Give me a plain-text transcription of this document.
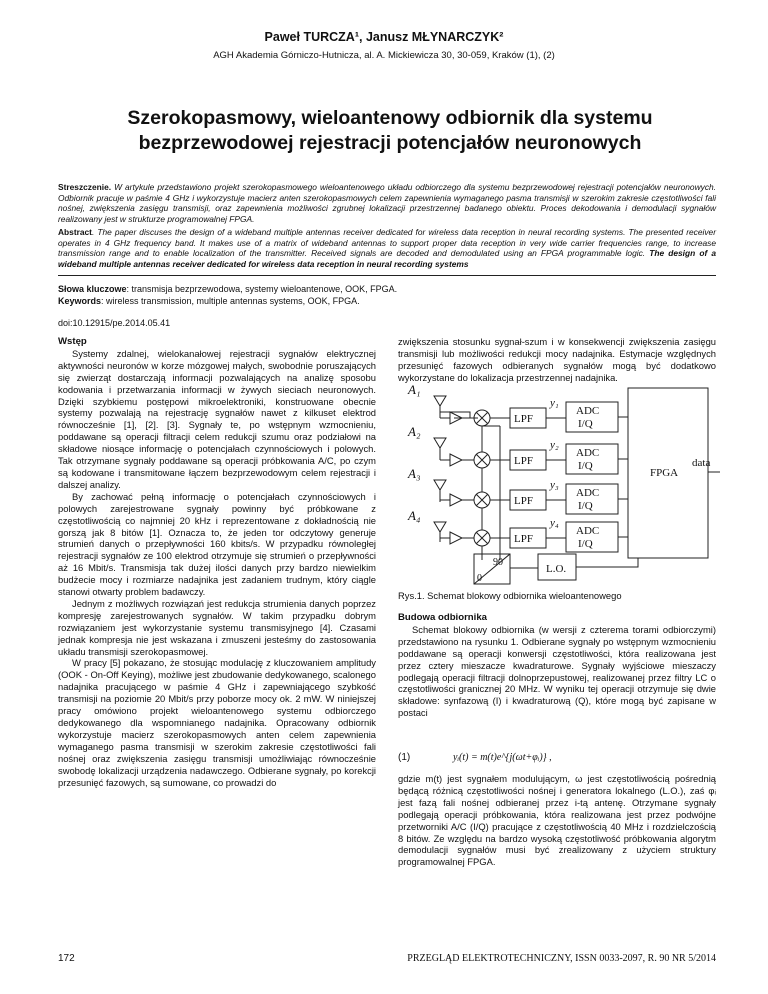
Paweł TURCZA¹, Janusz MŁYNARCZYK²
AGH Akademia Górniczo-Hutnicza, al. A. Mickiewicza 30, 30-059, Kraków (1), (2)
Szerokopasmowy, wieloantenowy odbiornik dla systemu
bezprzewodowej rejestracji potencjałów neuronowych
Streszczenie. W artykule przedstawiono projekt szerokopasmowego wieloantenowego układu odbiorczego dla systemu bezprzewodowej rejestracji potencjałów neuronowych. Odbiornik pracuje w paśmie 4 GHz i wykorzystuje macierz anten szerokopasmowych celem zapewnienia wymaganego pasma transmisji w szerokim zakresie częstotliwości fali nośnej, zwiększenia zasięgu transmisji, oraz zapewnienia możliwości zgrubnej lokalizacji przestrzennej badanego obiektu. Proces dekodowania i demodulacji sygnałów realizowany jest w strukturze programowalnej FPGA.
Abstract. The paper discuses the design of a wideband multiple antennas receiver dedicated for wireless data reception in neural recording systems. The presented receiver operates in 4 GHz frequency band. It makes use of a matrix of wideband antennas to support proper data reception in very wide carrier frequencies range, to increase transmission range and to enable localization of the transmitter. Received signals are decoded and demodulated using an FPGA programmable logic. The design of a wideband multiple antennas receiver dedicated for wireless data reception in neural recording systems
Słowa kluczowe: transmisja bezprzewodowa, systemy wieloantenowe, OOK, FPGA.
Keywords: wireless transmission, multiple antennas systems, OOK, FPGA.
doi:10.12915/pe.2014.05.41
Wstęp

Systemy zdalnej, wielokanałowej rejestracji sygnałów elektrycznej aktywności neuronów w korze mózgowej małych, swobodnie poruszających się zwierząt dostarczają informacji pozwalających na analizę sposobu kodowania i przetwarzania informacji w żywych sieciach neuronowych. Dzięki szybkiemu postępowi mikroelektroniki, konstruowane obecnie systemy pozwalają na rejestrację sygnałów nawet z kilkuset elektrod równocześnie [1], [2]. [3]. Sygnały te, po wstępnym wzmocnieniu, poddawane są operacji filtracji celem redukcji szumu oraz podziałowi na składowe niosące informację o potencjałach czynnościowych i polowych. Tak otrzymane sygnały poddawane są operacji próbkowania A/C, po czym są kodowane i transmitowane łączem bezprzewodowym celem rejestracji i dalszej analizy.

By zachować pełną informację o potencjałach czynnościowych i polowych zarejestrowane sygnały powinny być próbkowane z częstotliwością co najmniej 20 kHz i reprezentowane z dokładnością nie gorszą jak 8 bitów [1]. Oznacza to, że jeden tor odczytowy generuje strumień danych o przepływności 160 kbits/s. W przypadku równoległej rejestracji sygnałów ze 100 elektrod otrzymuje się strumień o przepływności aż 16 Mbit/s. Transmisja tak dużej ilości danych przy bardzo niewielkim budżecie mocy i rozmiarze nadajnika jest zadaniem trudnym, który ciągle stanowi otwarty problem badawczy.

Jednym z możliwych rozwiązań jest redukcja strumienia danych poprzez kompresję zarejestrowanych sygnałów. W takim przypadku dobrym rozwiązaniem jest wykorzystanie systemu transmisyjnego [4]. Czasami jednak kompresja nie jest wskazana i zmuszeni jesteśmy do zastosowania układu transmisji szerokopasmowej.

W pracy [5] pokazano, że stosując modulację z kluczowaniem amplitudy (OOK - On-Off Keying), możliwe jest zbudowanie dedykowanego, scalonego nadajnika pracującego w paśmie 4 GHz i zapewniającego szybkość transmisji na poziomie 20 Mbit/s przy poborze mocy ok. 2 mW. W niniejszej pracy omówiono projekt wieloantenowego systemu odbiorczego dedykowanego dla wspomnianego nadajnika. Opracowany odbiornik wykorzystuje macierz szerokopasmowych anten celem zapewnienia wymaganego pasma transmisji w szerokim zakresie częstotliwości fali nośnej oraz zwiększenia zasięgu transmisji umożliwiając równocześnie swobodę lokalizacji urządzenia nadawczego. Odbierane sygnały, po korekcji przesunięć fazowych, są sumowane, co prowadzi do

zwiększenia stosunku sygnał-szum i w konsekwencji zwiększenia zasięgu transmisji lub możliwości redukcji mocy nadajnika. Estymacje względnych przesunięć fazowych odbieranych sygnałów mogą być dodatkowo wykorzystane do lokalizacja przestrzennej nadajnika.

A₁
A₂
A₃
A₄
LPF
LPF
LPF
LPF
y₁
y₂
y₃
y₄
ADC
I/Q
ADC
I/Q
ADC
I/Q
ADC
I/Q
FPGA
data
90
0
L.O.
Rys.1. Schemat blokowy odbiornika wieloantenowego
Budowa odbiornika

Schemat blokowy odbiornika (w wersji z czterema torami odbiorczymi) przedstawiono na rysunku 1. Odbierane sygnały po wstępnym wzmocnieniu poddawane są operacji konwersji częstotliwości, która realizowana jest przez cztery mieszacze kwadraturowe. Sygnały wyjściowe mieszaczy podlegają operacji filtracji dolnoprzepustowej, realizowanej przez filtry LC o częstotliwości granicznej 20 MHz. W wyniku tej operacji otrzymuje się dwie składowe: synfazową (I) i kwadraturową (Q), które mogą być zapisane w postaci

(1)	yᵢ(t) = m(t)e^{j(ωt+φᵢ)} ,

gdzie m(t) jest sygnałem modulującym, ω jest częstotliwością pośrednią będącą różnicą częstotliwości nośnej i generatora lokalnego (L.O.), zaś φᵢ jest fazą fali nośnej odbieranej przez i-tą antenę. Otrzymane sygnały podlegają operacji próbkowania, która realizowana jest przez podwójne przetworniki A/C (I/Q) pracujące z częstotliwością 40 MHz i rozdzielczością 8 bitów. Ze względu na bardzo wysoką częstotliwość próbkowania algorytm demodulacji sygnałów musi być zrealizowany z użyciem struktury programowalnej FPGA.

172	PRZEGLĄD ELEKTROTECHNICZNY, ISSN 0033-2097, R. 90 NR 5/2014
